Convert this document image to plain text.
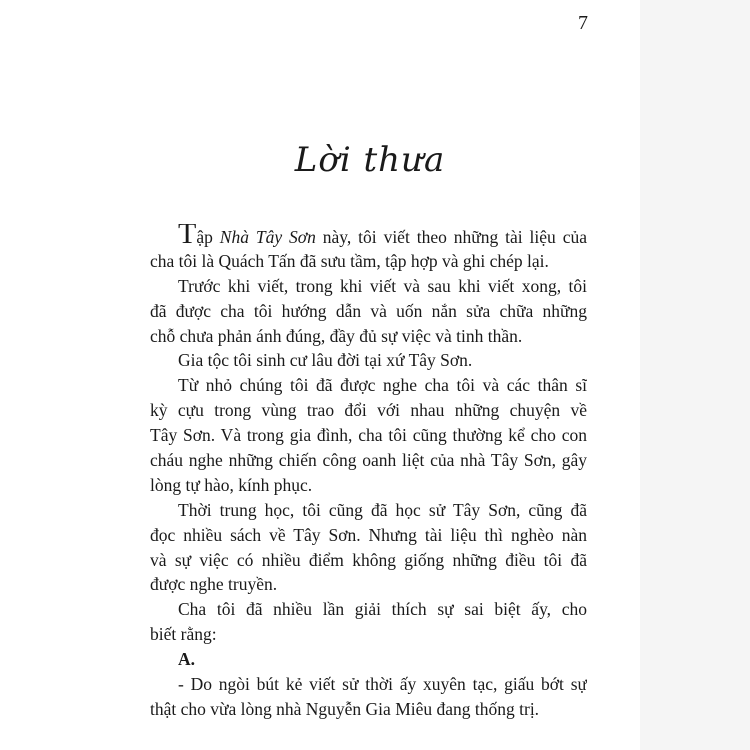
7
Lời thưa
Tập Nhà Tây Sơn này, tôi viết theo những tài liệu của
cha tôi là Quách Tấn đã sưu tầm, tập hợp và ghi chép lại.
Trước khi viết, trong khi viết và sau khi viết xong, tôi
đã được cha tôi hướng dẫn và uốn nắn sửa chữa những
chỗ chưa phản ánh đúng, đầy đủ sự việc và tinh thần.
Gia tộc tôi sinh cư lâu đời tại xứ Tây Sơn.
Từ nhỏ chúng tôi đã được nghe cha tôi và các thân sĩ
kỳ cựu trong vùng trao đổi với nhau những chuyện về
Tây Sơn. Và trong gia đình, cha tôi cũng thường kể cho con
cháu nghe những chiến công oanh liệt của nhà Tây Sơn, gây
lòng tự hào, kính phục.
Thời trung học, tôi cũng đã học sử Tây Sơn, cũng đã
đọc nhiều sách về Tây Sơn. Nhưng tài liệu thì nghèo nàn
và sự việc có nhiều điểm không giống những điều tôi đã
được nghe truyền.
Cha tôi đã nhiều lần giải thích sự sai biệt ấy, cho
biết rằng:
A.
- Do ngòi bút kẻ viết sử thời ấy xuyên tạc, giấu bớt sự
thật cho vừa lòng nhà Nguyễn Gia Miêu đang thống trị.
